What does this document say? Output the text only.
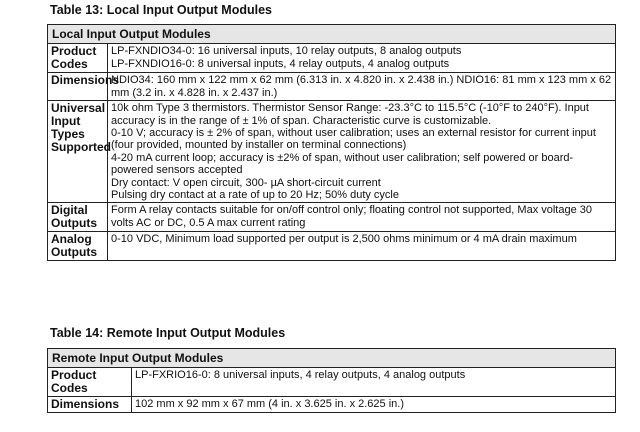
Table 13: Local Input Output Modules
Local Input Output Modules	
Product Codes	LP-FXNDIO34-0: 16 universal inputs, 10 relay outputs, 8 analog outputs
LP-FXNDIO16-0: 8 universal inputs, 4 relay outputs, 4 analog outputs

Dimensions	NDIO34: 160 mm x 122 mm x 62 mm (6.313 in. x 4.820 in. x 2.438 in.) NDIO16: 81 mm x 123 mm x 62 mm (3.2 in. x 4.828 in. x 2.437 in.)

Universal Input Types Supported	10k ohm Type 3 thermistors. Thermistor Sensor Range: -23.3°C to 115.5°C (-10°F to 240°F). Input accuracy is in the range of ± 1% of span. Characteristic curve is customizable.
0-10 V; accuracy is ± 2% of span, without user calibration; uses an external resistor for current input (four provided, mounted by installer on terminal connections)
4-20 mA current loop; accuracy is ±2% of span, without user calibration; self powered or board-powered sensors accepted
Dry contact: V open circuit, 300- µA short-circuit current
Pulsing dry contact at a rate of up to 20 Hz; 50% duty cycle

Digital Outputs	Form A relay contacts suitable for on/off control only; floating control not supported, Max voltage 30 volts AC or DC, 0.5 A max current rating

Analog Outputs	0-10 VDC, Minimum load supported per output is 2,500 ohms minimum or 4 mA drain maximum
Table 14: Remote Input Output Modules
Remote Input Output Modules	
Product Codes	LP-FXRIO16-0: 8 universal inputs, 4 relay outputs, 4 analog outputs

Dimensions	102 mm x 92 mm x 67 mm (4 in. x 3.625 in. x 2.625 in.)
